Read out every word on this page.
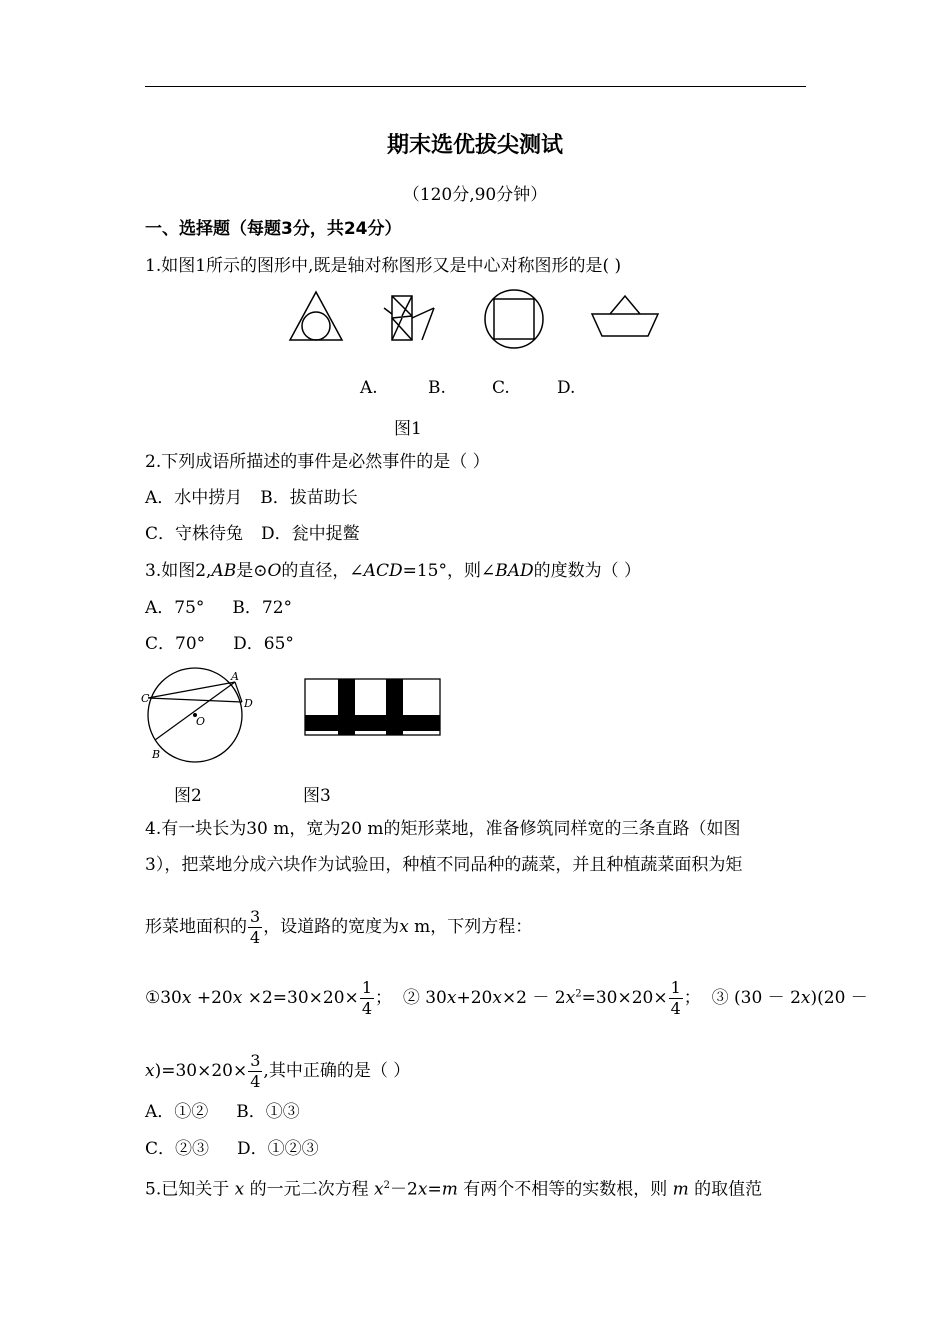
期末选优拔尖测试
（120分,90分钟）
一、选择题（每题3分，共24分）
1.如图1所示的图形中,既是轴对称图形又是中心对称图形的是( )
A.	B.	C.	D.
图1
2.下列成语所描述的事件是必然事件的是（ ）
A．水中捞月 B．拔苗助长
C．守株待兔 D．瓮中捉鳖
3.如图2,AB是⊙O的直径，∠ACD=15°，则∠BAD的度数为（ ）
A．75° B．72°
C．70° D．65°
C
A
D
O
B
图2	图3
4.有一块长为30 m，宽为20 m的矩形菜地，准备修筑同样宽的三条直路（如图
3），把菜地分成六块作为试验田，种植不同品种的蔬菜，并且种植蔬菜面积为矩
形菜地面积的 $\frac{3}{4}$ ，设道路的宽度为x m，下列方程：
①30x $+20x \times 2=30\times 20\times \frac{1}{4}$ ； ② $30x+20x\times 2 - 2x^2=30\times 20\times \frac{1}{4}$ ； ③ (30 － 2x)(20 －
$x)=30\times 20\times \frac{3}{4}$ ,其中正确的是（ ）
A．①② B．①③
C．②③ D．①②③
5.已知关于 x 的一元二次方程 $x^2-2x=m$ 有两个不相等的实数根，则 m 的取值范
